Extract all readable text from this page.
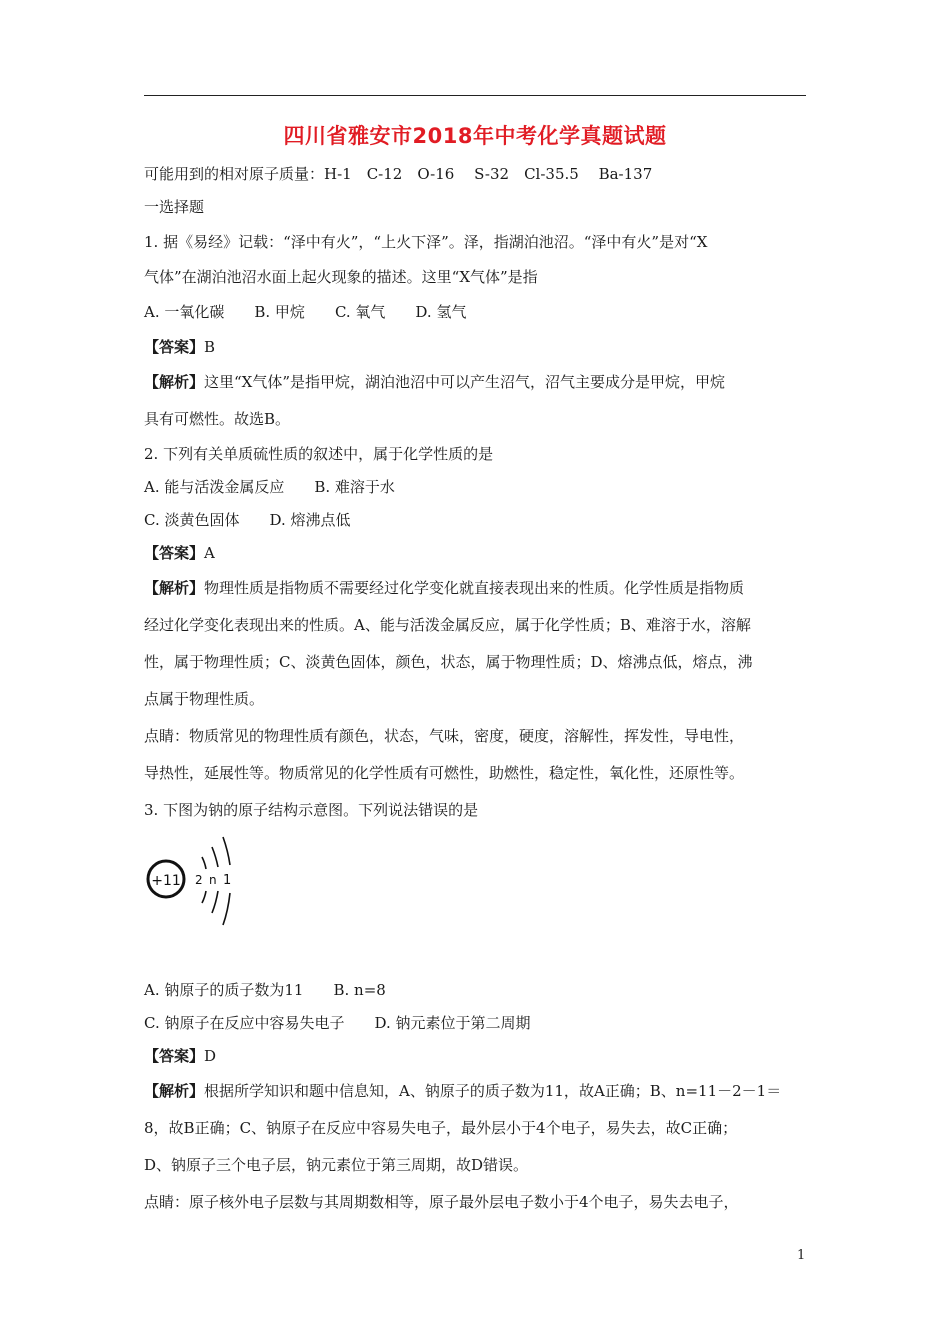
四川省雅安市2018年中考化学真题试题
可能用到的相对原子质量：H-1　C-12　O-16　 S-32　Cl-35.5　 Ba-137
一选择题
1. 据《易经》记载：“泽中有火”，“上火下泽”。泽，指湖泊池沼。“泽中有火”是对“X
气体”在湖泊池沼水面上起火现象的描述。这里“X气体”是指
A. 一氧化碳 B. 甲烷 C. 氧气 D. 氢气
【答案】B
【解析】这里“X气体”是指甲烷，湖泊池沼中可以产生沼气，沼气主要成分是甲烷，甲烷
具有可燃性。故选B。
2. 下列有关单质硫性质的叙述中，属于化学性质的是
A. 能与活泼金属反应 B. 难溶于水
C. 淡黄色固体 D. 熔沸点低
【答案】A
【解析】物理性质是指物质不需要经过化学变化就直接表现出来的性质。化学性质是指物质
经过化学变化表现出来的性质。A、能与活泼金属反应，属于化学性质；B、难溶于水，溶解
性，属于物理性质；C、淡黄色固体，颜色，状态，属于物理性质；D、熔沸点低，熔点，沸
点属于物理性质。
点睛：物质常见的物理性质有颜色，状态，气味，密度，硬度，溶解性，挥发性，导电性，
导热性，延展性等。物质常见的化学性质有可燃性，助燃性，稳定性，氧化性，还原性等。
3. 下图为钠的原子结构示意图。下列说法错误的是
+11 2 n 1
A. 钠原子的质子数为11 B. n=8
C. 钠原子在反应中容易失电子 D. 钠元素位于第二周期
【答案】D
【解析】根据所学知识和题中信息知，A、钠原子的质子数为11，故A正确；B、n=11－2－1＝
8，故B正确；C、钠原子在反应中容易失电子，最外层小于4个电子，易失去，故C正确；
D、钠原子三个电子层，钠元素位于第三周期，故D错误。
点睛：原子核外电子层数与其周期数相等，原子最外层电子数小于4个电子，易失去电子，
1
